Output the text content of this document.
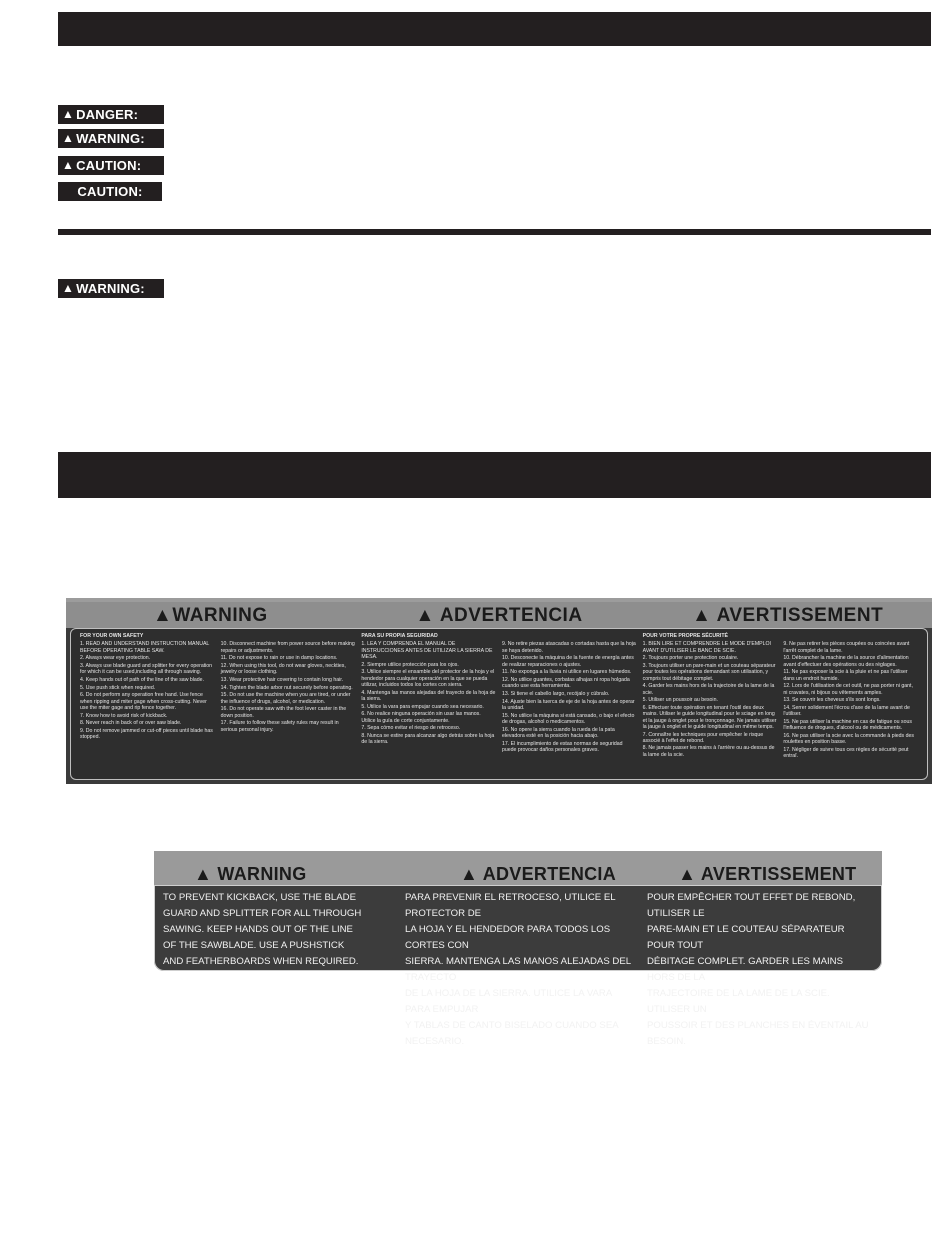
▲ DANGER:
▲ WARNING:
▲ CAUTION:
CAUTION:
▲ WARNING:
▲WARNING	▲ ADVERTENCIA	▲ AVERTISSEMENT
FOR YOUR OWN SAFETY

1. READ AND UNDERSTAND INSTRUCTION MANUAL BEFORE OPERATING TABLE SAW.

2. Always wear eye protection.

3. Always use blade guard and splitter for every operation for which it can be used,including all through sawing.

4. Keep hands out of path of the line of the saw blade.

5. Use push stick when required.

6. Do not perform any operation free hand. Use fence when ripping and miter gage when cross-cutting. Never use the miter gage and rip fence together.

7. Know how to avoid risk of kickback.

8. Never reach in back of or over saw blade.

9. Do not remove jammed or cut-off pieces until blade has stopped.

10. Disconnect machine from power source before making repairs or adjustments.

11. Do not expose to rain or use in damp locations.

12. When using this tool, do not wear gloves, neckties, jewelry or loose clothing.

13. Wear protective hair covering to contain long hair.

14. Tighten the blade arbor nut securely before operating.

15. Do not use the machine when you are tired, or under the influence of drugs, alcohol, or medication.

16. Do not operate saw with the foot lever caster in the down position.

17. Failure to follow these safety rules may result in serious personal injury.

PARA SU PROPIA SEGURIDAD

1. LEA Y COMPRENDA EL MANUAL DE INSTRUCCIONES ANTES DE UTILIZAR LA SIERRA DE MESA.

2. Siempre utilice protección para los ojos.

3. Utilice siempre el ensamble del protector de la hoja y el hendedor para cualquier operación en la que se pueda utilizar, incluidos todos los cortes con sierra.

4. Mantenga las manos alejadas del trayecto de la hoja de la sierra.

5. Utilice la vara para empujar cuando sea necesario.

6. No realice ninguna operación sin usar las manos. Utilice la guía de corte conjuntamente.

7. Sepa cómo evitar el riesgo de retroceso.

8. Nunca se estire para alcanzar algo detrás sobre la hoja de la sierra.

9. No retire piezas atascadas o cortadas hasta que la hoja se haya detenido.

10. Desconecte la máquina de la fuente de energía antes de realizar reparaciones o ajustes.

11. No exponga a la lluvia ni utilice en lugares húmedos.

12. No utilice guantes, corbatas alhajas ni ropa holgada cuando use esta herramienta.

13. Si tiene el cabello largo, recójalo y cúbralo.

14. Ajuste bien la tuerca de eje de la hoja antes de operar la unidad.

15. No utilice la máquina si está cansado, o bajo el efecto de drogas, alcohol o medicamentos.

16. No opere la sierra cuando la rueda de la pata elevadora esté en la posición hacia abajo.

17. El incumplimiento de estas normas de seguridad puede provocar daños personales graves.

POUR VOTRE PROPRE SÉCURITÉ

1. BIEN LIRE ET COMPRENDRE LE MODE D'EMPLOI AVANT D'UTILISER LE BANC DE SCIE.

2. Toujours porter une protection oculaire.

3. Toujours utiliser un pare-main et un couteau séparateur pour toutes les opérations demandant son utilisation, y compris tout débitage complet.

4. Garder les mains hors de la trajectoire de la lame de la scie.

5. Utiliser un poussoir au besoin.

6. Effectuer toute opération en tenant l'outil des deux mains. Utiliser le guide longitudinal pour le sciage en long et la jauge à onglet pour le tronçonnage. Ne jamais utiliser la jauge à onglet et le guide longitudinal en même temps.

7. Connaître les techniques pour empêcher le risque associé à l'effet de rebond.

8. Ne jamais passer les mains à l'arrière ou au-dessus de la lame de la scie.

9. Ne pas retirer les pièces coupées ou coincées avant l'arrêt complet de la lame.

10. Débrancher la machine de la source d'alimentation avant d'effectuer des opérations ou des réglages.

11. Ne pas exposer la scie à la pluie et ne pas l'utiliser dans un endroit humide.

12. Lors de l'utilisation de cet outil, ne pas porter ni gant, ni cravates, ni bijoux ou vêtements amples.

13. Se couvrir les cheveux s'ils sont longs.

14. Serrer solidement l'écrou d'axe de la lame avant de l'utiliser.

15. Ne pas utiliser la machine en cas de fatigue ou sous l'influence de drogues, d'alcool ou de médicaments.

16. Ne pas utiliser la scie avec la commande à pieds des roulettes en position basse.

17. Négliger de suivre tous ces règles de sécurité peut entraî.

▲ WARNING	▲ ADVERTENCIA	▲ AVERTISSEMENT
TO PREVENT KICKBACK, USE THE BLADE
GUARD AND SPLITTER FOR ALL THROUGH
SAWING. KEEP HANDS OUT OF THE LINE
OF THE SAWBLADE. USE A PUSHSTICK
AND FEATHERBOARDS WHEN REQUIRED.
PARA PREVENIR EL RETROCESO, UTILICE EL PROTECTOR DE
LA HOJA Y EL HENDEDOR PARA TODOS LOS CORTES CON
SIERRA. MANTENGA LAS MANOS ALEJADAS DEL TRAYECTO
DE LA HOJA DE LA SIERRA. UTILICE LA VARA PARA EMPUJAR
Y TABLAS DE CANTO BISELADO CUANDO SEA NECESARIO.
POUR EMPÊCHER TOUT EFFET DE REBOND, UTILISER LE
PARE-MAIN ET LE COUTEAU SÉPARATEUR POUR TOUT
DÉBITAGE COMPLET. GARDER LES MAINS HORS DE LA
TRAJECTOIRE DE LA LAME DE LA SCIE. UTILISER UN
POUSSOIR ET DES PLANCHES EN ÉVENTAIL AU BESOIN.
